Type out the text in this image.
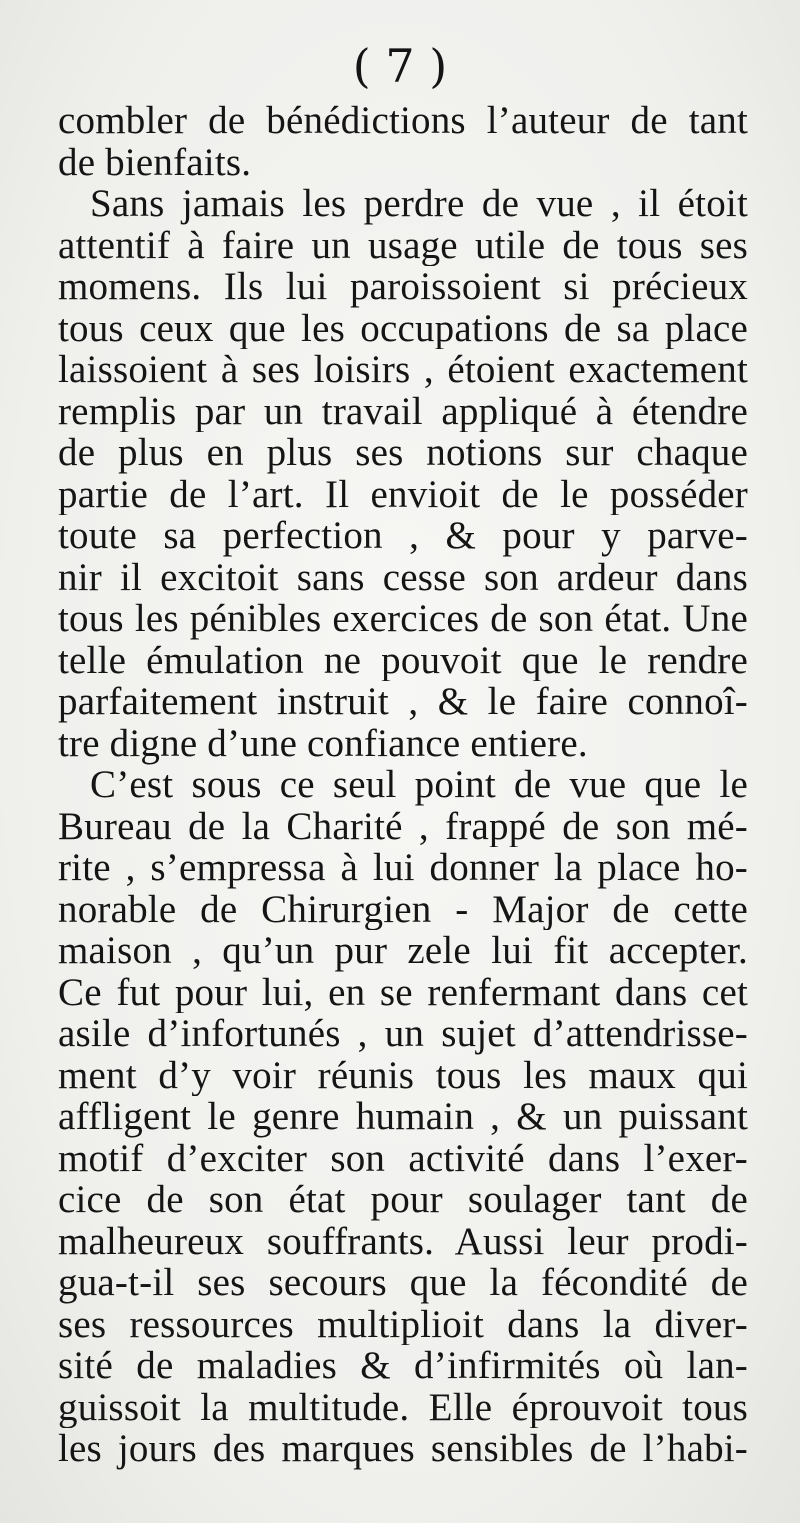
( 7 )
combler de bénédictions l’auteur de tant
de bienfaits.
Sans jamais les perdre de vue , il étoit
attentif à faire un usage utile de tous ses
momens. Ils lui paroissoient si précieux
tous ceux que les occupations de sa place
laissoient à ses loisirs , étoient exactement
remplis par un travail appliqué à étendre
de plus en plus ses notions sur chaque
partie de l’art. Il envioit de le posséder
toute sa perfection , & pour y parve-
nir il excitoit sans cesse son ardeur dans
tous les pénibles exercices de son état. Une
telle émulation ne pouvoit que le rendre
parfaitement instruit , & le faire connoî-
tre digne d’une confiance entiere.
C’est sous ce seul point de vue que le
Bureau de la Charité , frappé de son mé-
rite , s’empressa à lui donner la place ho-
norable de Chirurgien - Major de cette
maison , qu’un pur zele lui fit accepter.
Ce fut pour lui, en se renfermant dans cet
asile d’infortunés , un sujet d’attendrisse-
ment d’y voir réunis tous les maux qui
affligent le genre humain , & un puissant
motif d’exciter son activité dans l’exer-
cice de son état pour soulager tant de
malheureux souffrants. Aussi leur prodi-
gua-t-il ses secours que la fécondité de
ses ressources multiplioit dans la diver-
sité de maladies & d’infirmités où lan-
guissoit la multitude. Elle éprouvoit tous
les jours des marques sensibles de l’habi-
